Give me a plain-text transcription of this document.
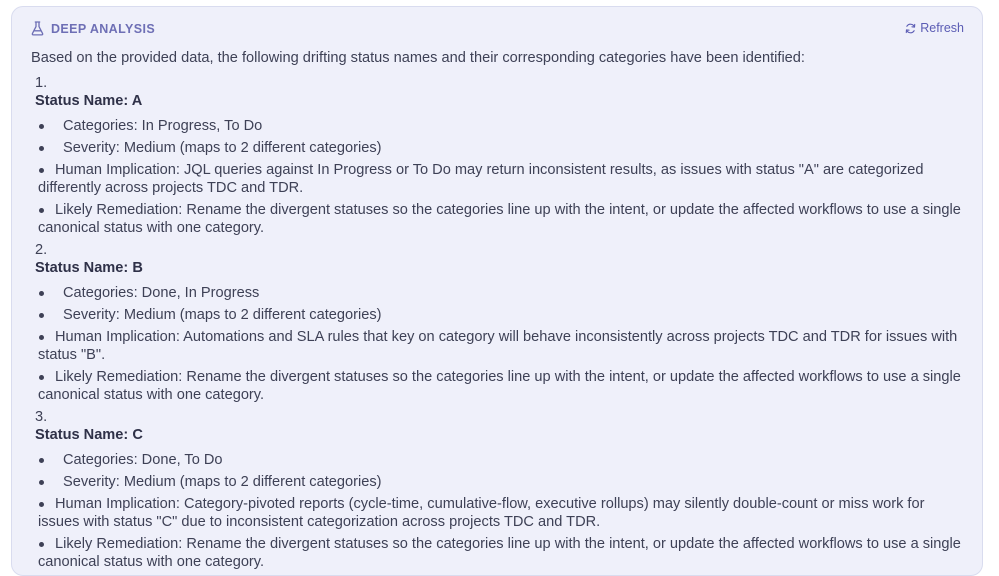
DEEP ANALYSIS	Refresh

Based on the provided data, the following drifting status names and their corresponding categories have been identified:

1.
Status Name: A
Categories: In Progress, To Do
Severity: Medium (maps to 2 different categories)
Human Implication: JQL queries against In Progress or To Do may return inconsistent results, as issues with status "A" are categorized differently across projects TDC and TDR.
Likely Remediation: Rename the divergent statuses so the categories line up with the intent, or update the affected workflows to use a single canonical status with one category.
2.
Status Name: B
Categories: Done, In Progress
Severity: Medium (maps to 2 different categories)
Human Implication: Automations and SLA rules that key on category will behave inconsistently across projects TDC and TDR for issues with status "B".
Likely Remediation: Rename the divergent statuses so the categories line up with the intent, or update the affected workflows to use a single canonical status with one category.
3.
Status Name: C
Categories: Done, To Do
Severity: Medium (maps to 2 different categories)
Human Implication: Category-pivoted reports (cycle-time, cumulative-flow, executive rollups) may silently double-count or miss work for issues with status "C" due to inconsistent categorization across projects TDC and TDR.
Likely Remediation: Rename the divergent statuses so the categories line up with the intent, or update the affected workflows to use a single canonical status with one category.
